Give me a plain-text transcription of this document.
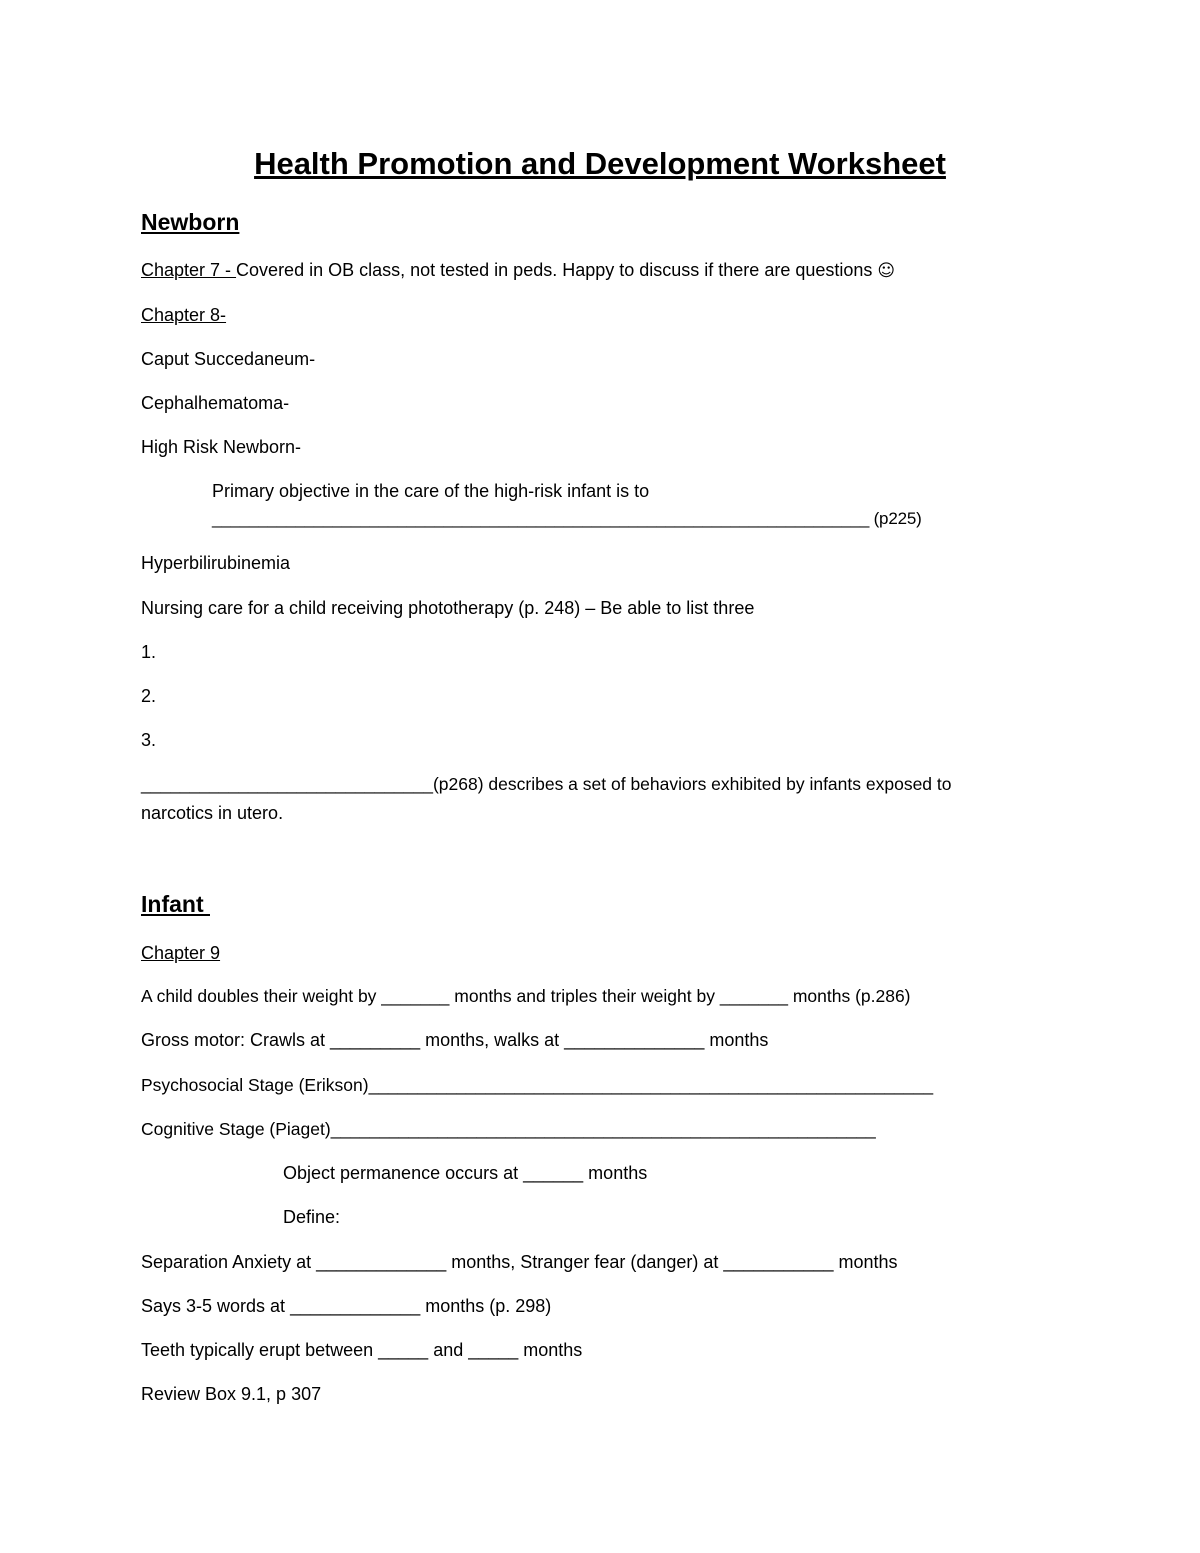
Health Promotion and Development Worksheet
Newborn
Chapter 7 - Covered in OB class, not tested in peds. Happy to discuss if there are questions ☺
Chapter 8-
Caput Succedaneum-
Cephalhematoma-
High Risk Newborn-
Primary objective in the care of the high-risk infant is to
_______________________________________________________________________ (p225)
Hyperbilirubinemia
Nursing care for a child receiving phototherapy (p. 248) – Be able to list three
1.
2.
3.
______________________________(p268) describes a set of behaviors exhibited by infants exposed to
narcotics in utero.
Infant
Chapter 9
A child doubles their weight by _______ months and triples their weight by _______ months (p.286)
Gross motor: Crawls at _________ months, walks at ______________ months
Psychosocial Stage (Erikson)__________________________________________________________
Cognitive Stage (Piaget)________________________________________________________
Object permanence occurs at ______ months
Define:
Separation Anxiety at _____________ months, Stranger fear (danger) at ___________ months
Says 3-5 words at _____________ months (p. 298)
Teeth typically erupt between _____ and _____ months
Review Box 9.1, p 307
